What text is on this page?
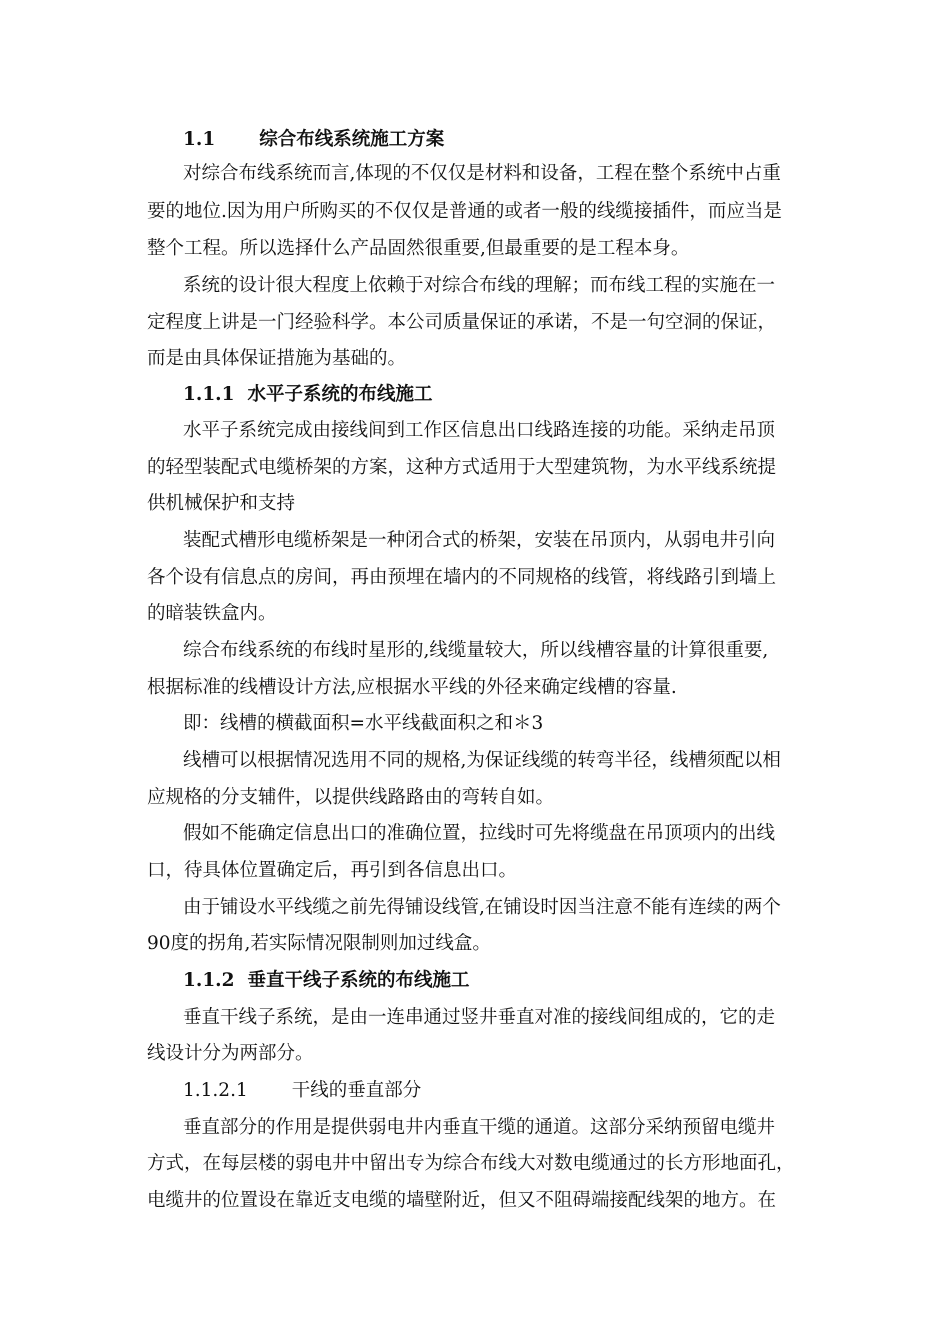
1.1 综合布线系统施工方案
对综合布线系统而言,体现的不仅仅是材料和设备，工程在整个系统中占重
要的地位.因为用户所购买的不仅仅是普通的或者一般的线缆接插件，而应当是
整个工程。所以选择什么产品固然很重要,但最重要的是工程本身。
系统的设计很大程度上依赖于对综合布线的理解；而布线工程的实施在一
定程度上讲是一门经验科学。本公司质量保证的承诺，不是一句空洞的保证，
而是由具体保证措施为基础的。
1.1.1 水平子系统的布线施工
水平子系统完成由接线间到工作区信息出口线路连接的功能。采纳走吊顶
的轻型装配式电缆桥架的方案，这种方式适用于大型建筑物，为水平线系统提
供机械保护和支持
装配式槽形电缆桥架是一种闭合式的桥架，安装在吊顶内，从弱电井引向
各个设有信息点的房间，再由预埋在墙内的不同规格的线管，将线路引到墙上
的暗装铁盒内。
综合布线系统的布线时星形的,线缆量较大，所以线槽容量的计算很重要,
根据标准的线槽设计方法,应根据水平线的外径来确定线槽的容量.
即：线槽的横截面积=水平线截面积之和＊3
线槽可以根据情况选用不同的规格,为保证线缆的转弯半径，线槽须配以相
应规格的分支辅件，以提供线路路由的弯转自如。
假如不能确定信息出口的准确位置，拉线时可先将缆盘在吊顶项内的出线
口，待具体位置确定后，再引到各信息出口。
由于铺设水平线缆之前先得铺设线管,在铺设时因当注意不能有连续的两个
90度的拐角,若实际情况限制则加过线盒。
1.1.2 垂直干线子系统的布线施工
垂直干线子系统，是由一连串通过竖井垂直对准的接线间组成的，它的走
线设计分为两部分。
1.1.2.1 干线的垂直部分
垂直部分的作用是提供弱电井内垂直干缆的通道。这部分采纳预留电缆井
方式，在每层楼的弱电井中留出专为综合布线大对数电缆通过的长方形地面孔，
电缆井的位置设在靠近支电缆的墙壁附近，但又不阻碍端接配线架的地方。在
